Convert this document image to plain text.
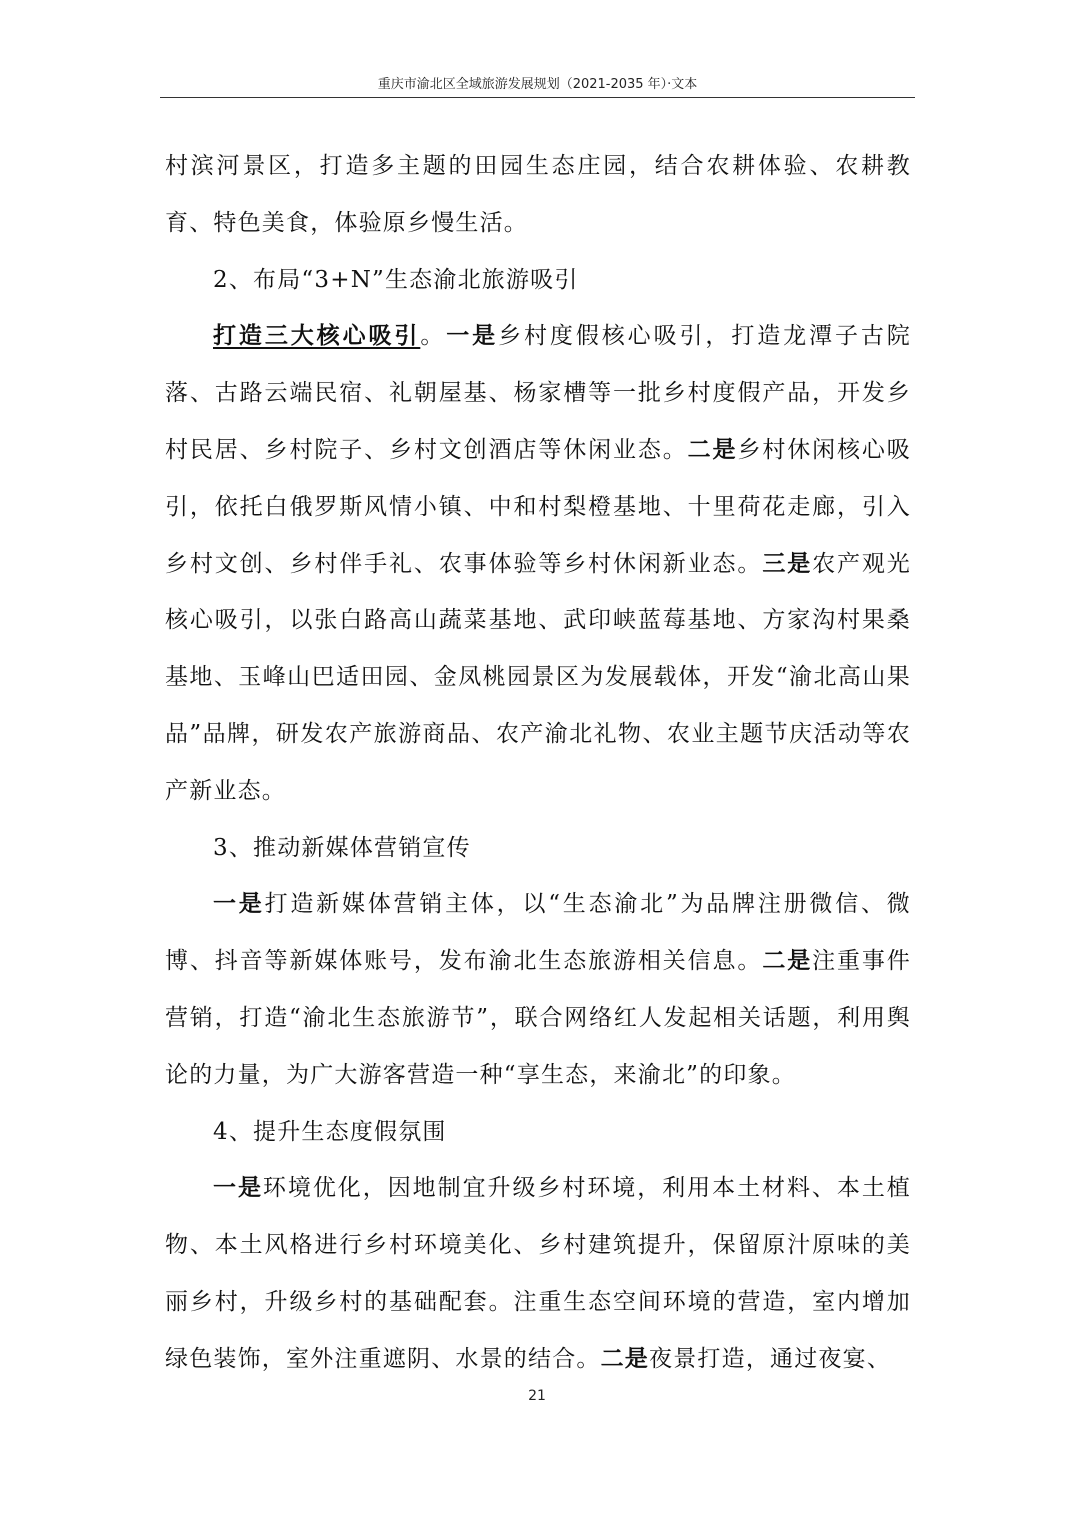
重庆市渝北区全域旅游发展规划（2021-2035 年）·文本

村滨河景区，打造多主题的田园生态庄园，结合农耕体验、农耕教育、特色美食，体验原乡慢生活。

2、布局“3+N”生态渝北旅游吸引

打造三大核心吸引。一是乡村度假核心吸引，打造龙潭子古院落、古路云端民宿、礼朝屋基、杨家槽等一批乡村度假产品，开发乡村民居、乡村院子、乡村文创酒店等休闲业态。二是乡村休闲核心吸引，依托白俄罗斯风情小镇、中和村梨橙基地、十里荷花走廊，引入乡村文创、乡村伴手礼、农事体验等乡村休闲新业态。三是农产观光核心吸引，以张白路高山蔬菜基地、武印峡蓝莓基地、方家沟村果桑基地、玉峰山巴适田园、金凤桃园景区为发展载体，开发“渝北高山果品”品牌，研发农产旅游商品、农产渝北礼物、农业主题节庆活动等农产新业态。

3、推动新媒体营销宣传

一是打造新媒体营销主体，以“生态渝北”为品牌注册微信、微博、抖音等新媒体账号，发布渝北生态旅游相关信息。二是注重事件营销，打造“渝北生态旅游节”，联合网络红人发起相关话题，利用舆论的力量，为广大游客营造一种“享生态，来渝北”的印象。

4、提升生态度假氛围

一是环境优化，因地制宜升级乡村环境，利用本土材料、本土植物、本土风格进行乡村环境美化、乡村建筑提升，保留原汁原味的美丽乡村，升级乡村的基础配套。注重生态空间环境的营造，室内增加绿色装饰，室外注重遮阴、水景的结合。二是夜景打造，通过夜宴、

21
